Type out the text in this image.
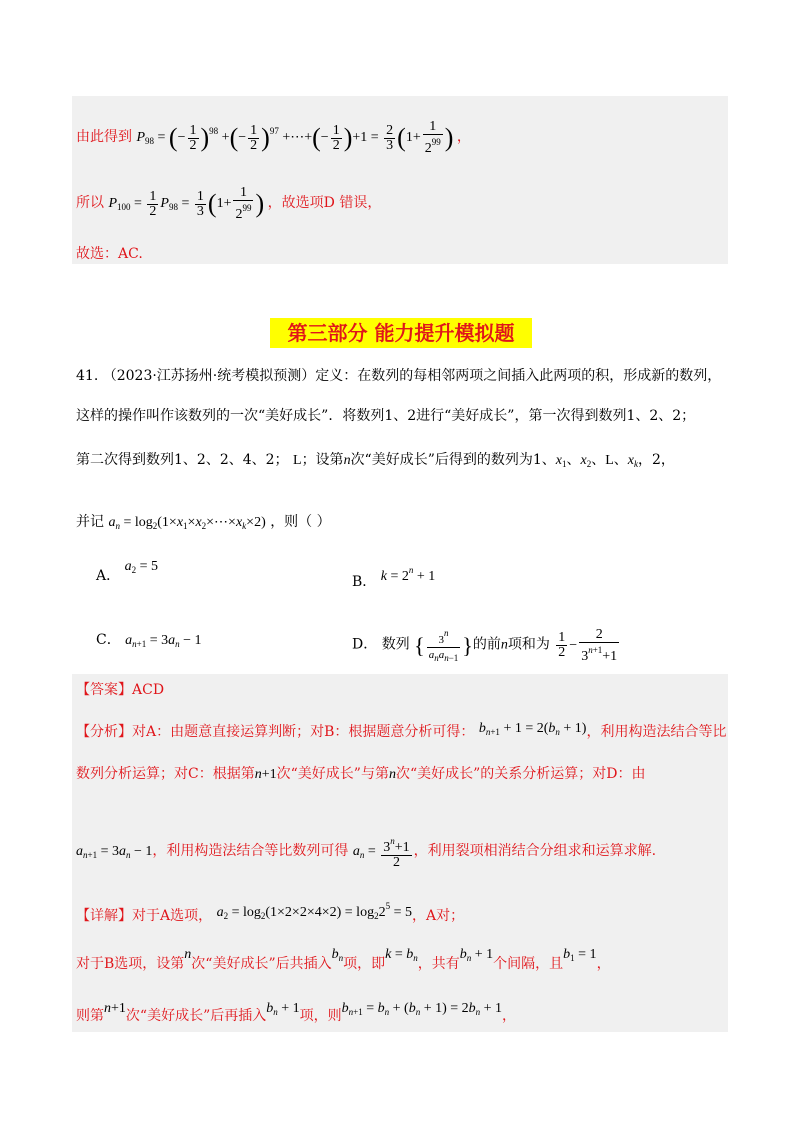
由此得到 $P_{98}$ = (− $\frac{1}{2} )^{98}$ +(− $\frac{1}{2} )^{97}$ +⋯+(− $\frac{1}{2} )+1 = \frac{2}{3} (1+ \frac{1}{2^{99}}$ ) ，
所以 $P_{100} = \frac{1}{2} P_{98} = \frac{1}{3} (1+ \frac{1}{2^{99}}$ ) ，故选项D 错误，
故选：AC.
第三部分 能力提升模拟题
41. （2023·江苏扬州·统考模拟预测）定义：在数列的每相邻两项之间插入此两项的积，形成新的数列，
这样的操作叫作该数列的一次“美好成长”．将数列1、2进行“美好成长”，第一次得到数列1、2、2；
第二次得到数列1、2、2、4、2； L；设第n次“美好成长”后得到的数列为1、$x_1$、$x_2$、L、$x_k$，2，
并记 $a_n$ = $\log_2(1\times x_1\times x_2\times\cdots\times x_k\times 2)$ ，则（ ）
A． $a_2 = 5$
B． $k = 2^n + 1$
C． $a_{n+1} = 3a_n - 1$	D． 数列 { $\frac{3^n}{a_na_{n-1}}$ }的前n项和为 $\frac{1}{2} - \frac{2}{3^{n+1}+1}$
【答案】ACD
【分析】对A：由题意直接运算判断；对B：根据题意分析可得： $b_{n+1} + 1 = 2(b_n + 1)$，利用构造法结合等比
数列分析运算；对C：根据第n+1次“美好成长”与第n次“美好成长”的关系分析运算；对D：由
$a_{n+1} = 3a_n - 1$，利用构造法结合等比数列可得 $a_n = \frac{3^n+1}{2}$ ，利用裂项相消结合分组求和运算求解.
【详解】对于A选项， $a_2 = \log_2(1\times 2\times 2\times 4\times 2) = \log_22^5 = 5$，A对；
对于B选项，设第n次“美好成长”后共插入$b_n$项，即$k = b_n$，共有$b_n + 1$个间隔，且$b_1 = 1$，
则第n+1次“美好成长”后再插入$b_n + 1$项，则$b_{n+1} = b_n + (b_n + 1) = 2b_n + 1$，
